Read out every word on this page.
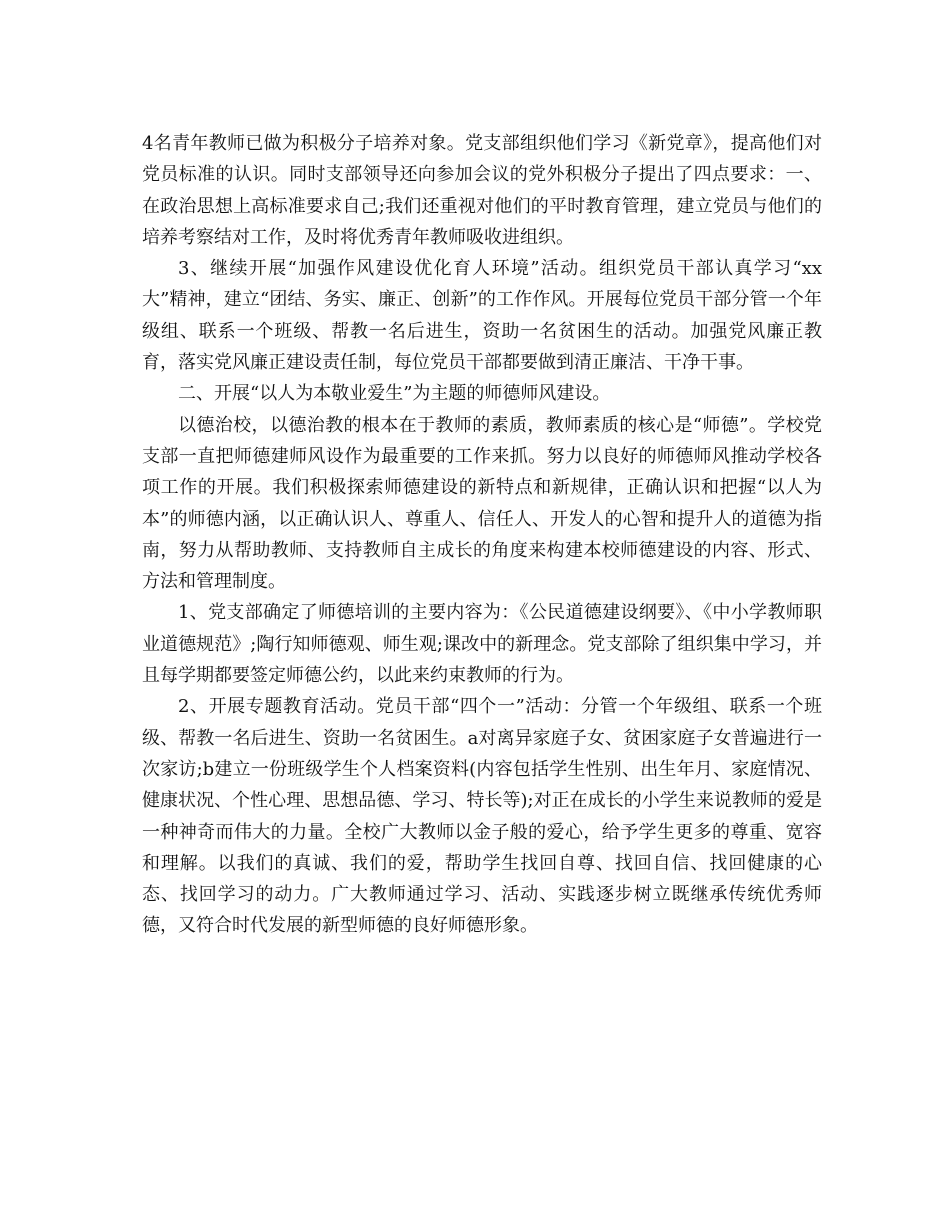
4名青年教师已做为积极分子培养对象。党支部组织他们学习《新党章》，提高他们对党员标准的认识。同时支部领导还向参加会议的党外积极分子提出了四点要求：一、在政治思想上高标准要求自己;我们还重视对他们的平时教育管理，建立党员与他们的培养考察结对工作，及时将优秀青年教师吸收进组织。

3、继续开展“加强作风建设优化育人环境”活动。组织党员干部认真学习“xx大”精神，建立“团结、务实、廉正、创新”的工作作风。开展每位党员干部分管一个年级组、联系一个班级、帮教一名后进生，资助一名贫困生的活动。加强党风廉正教育，落实党风廉正建设责任制，每位党员干部都要做到清正廉洁、干净干事。

二、开展“以人为本敬业爱生”为主题的师德师风建设。

以德治校，以德治教的根本在于教师的素质，教师素质的核心是“师德”。学校党支部一直把师德建师风设作为最重要的工作来抓。努力以良好的师德师风推动学校各项工作的开展。我们积极探索师德建设的新特点和新规律，正确认识和把握“以人为本”的师德内涵，以正确认识人、尊重人、信任人、开发人的心智和提升人的道德为指南，努力从帮助教师、支持教师自主成长的角度来构建本校师德建设的内容、形式、方法和管理制度。

1、党支部确定了师德培训的主要内容为：《公民道德建设纲要》、《中小学教师职业道德规范》;陶行知师德观、师生观;课改中的新理念。党支部除了组织集中学习，并且每学期都要签定师德公约，以此来约束教师的行为。

2、开展专题教育活动。党员干部“四个一”活动：分管一个年级组、联系一个班级、帮教一名后进生、资助一名贫困生。a对离异家庭子女、贫困家庭子女普遍进行一次家访;b建立一份班级学生个人档案资料(内容包括学生性别、出生年月、家庭情况、健康状况、个性心理、思想品德、学习、特长等);对正在成长的小学生来说教师的爱是一种神奇而伟大的力量。全校广大教师以金子般的爱心，给予学生更多的尊重、宽容和理解。以我们的真诚、我们的爱，帮助学生找回自尊、找回自信、找回健康的心态、找回学习的动力。广大教师通过学习、活动、实践逐步树立既继承传统优秀师德，又符合时代发展的新型师德的良好师德形象。
